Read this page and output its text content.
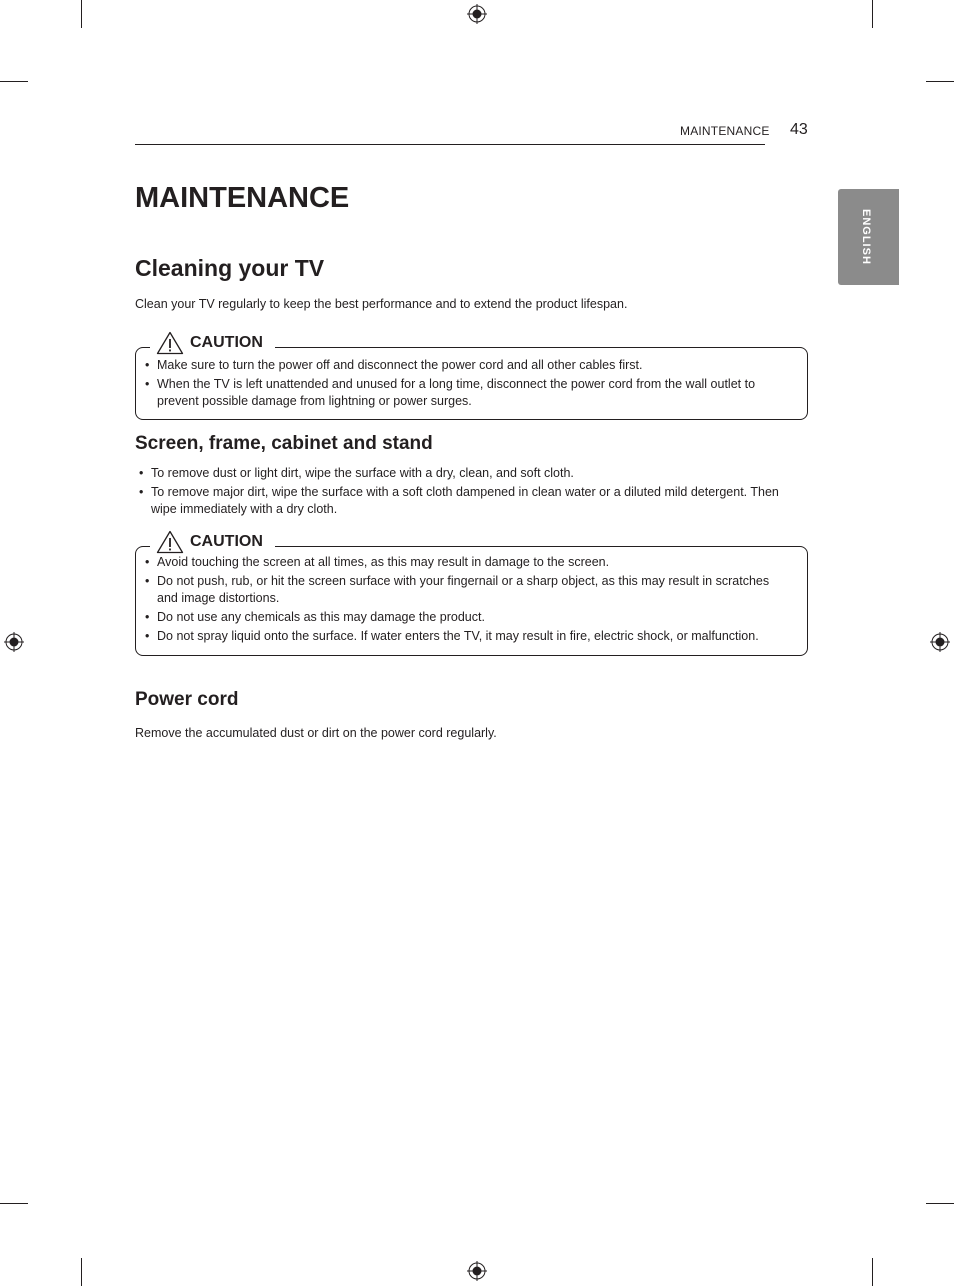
MAINTENANCE 43
ENGLISH
MAINTENANCE
Cleaning your TV

Clean your TV regularly to keep the best performance and to extend the product lifespan.

CAUTION
• Make sure to turn the power off and disconnect the power cord and all other cables first.
• When the TV is left unattended and unused for a long time, disconnect the power cord from the wall outlet to prevent possible damage from lightning or power surges.
Screen, frame, cabinet and stand
• To remove dust or light dirt, wipe the surface with a dry, clean, and soft cloth.
• To remove major dirt, wipe the surface with a soft cloth dampened in clean water or a diluted mild detergent. Then wipe immediately with a dry cloth.
CAUTION
• Avoid touching the screen at all times, as this may result in damage to the screen.
• Do not push, rub, or hit the screen surface with your fingernail or a sharp object, as this may result in scratches and image distortions.
• Do not use any chemicals as this may damage the product.
• Do not spray liquid onto the surface. If water enters the TV, it may result in fire, electric shock, or malfunction.
Power cord

Remove the accumulated dust or dirt on the power cord regularly.
